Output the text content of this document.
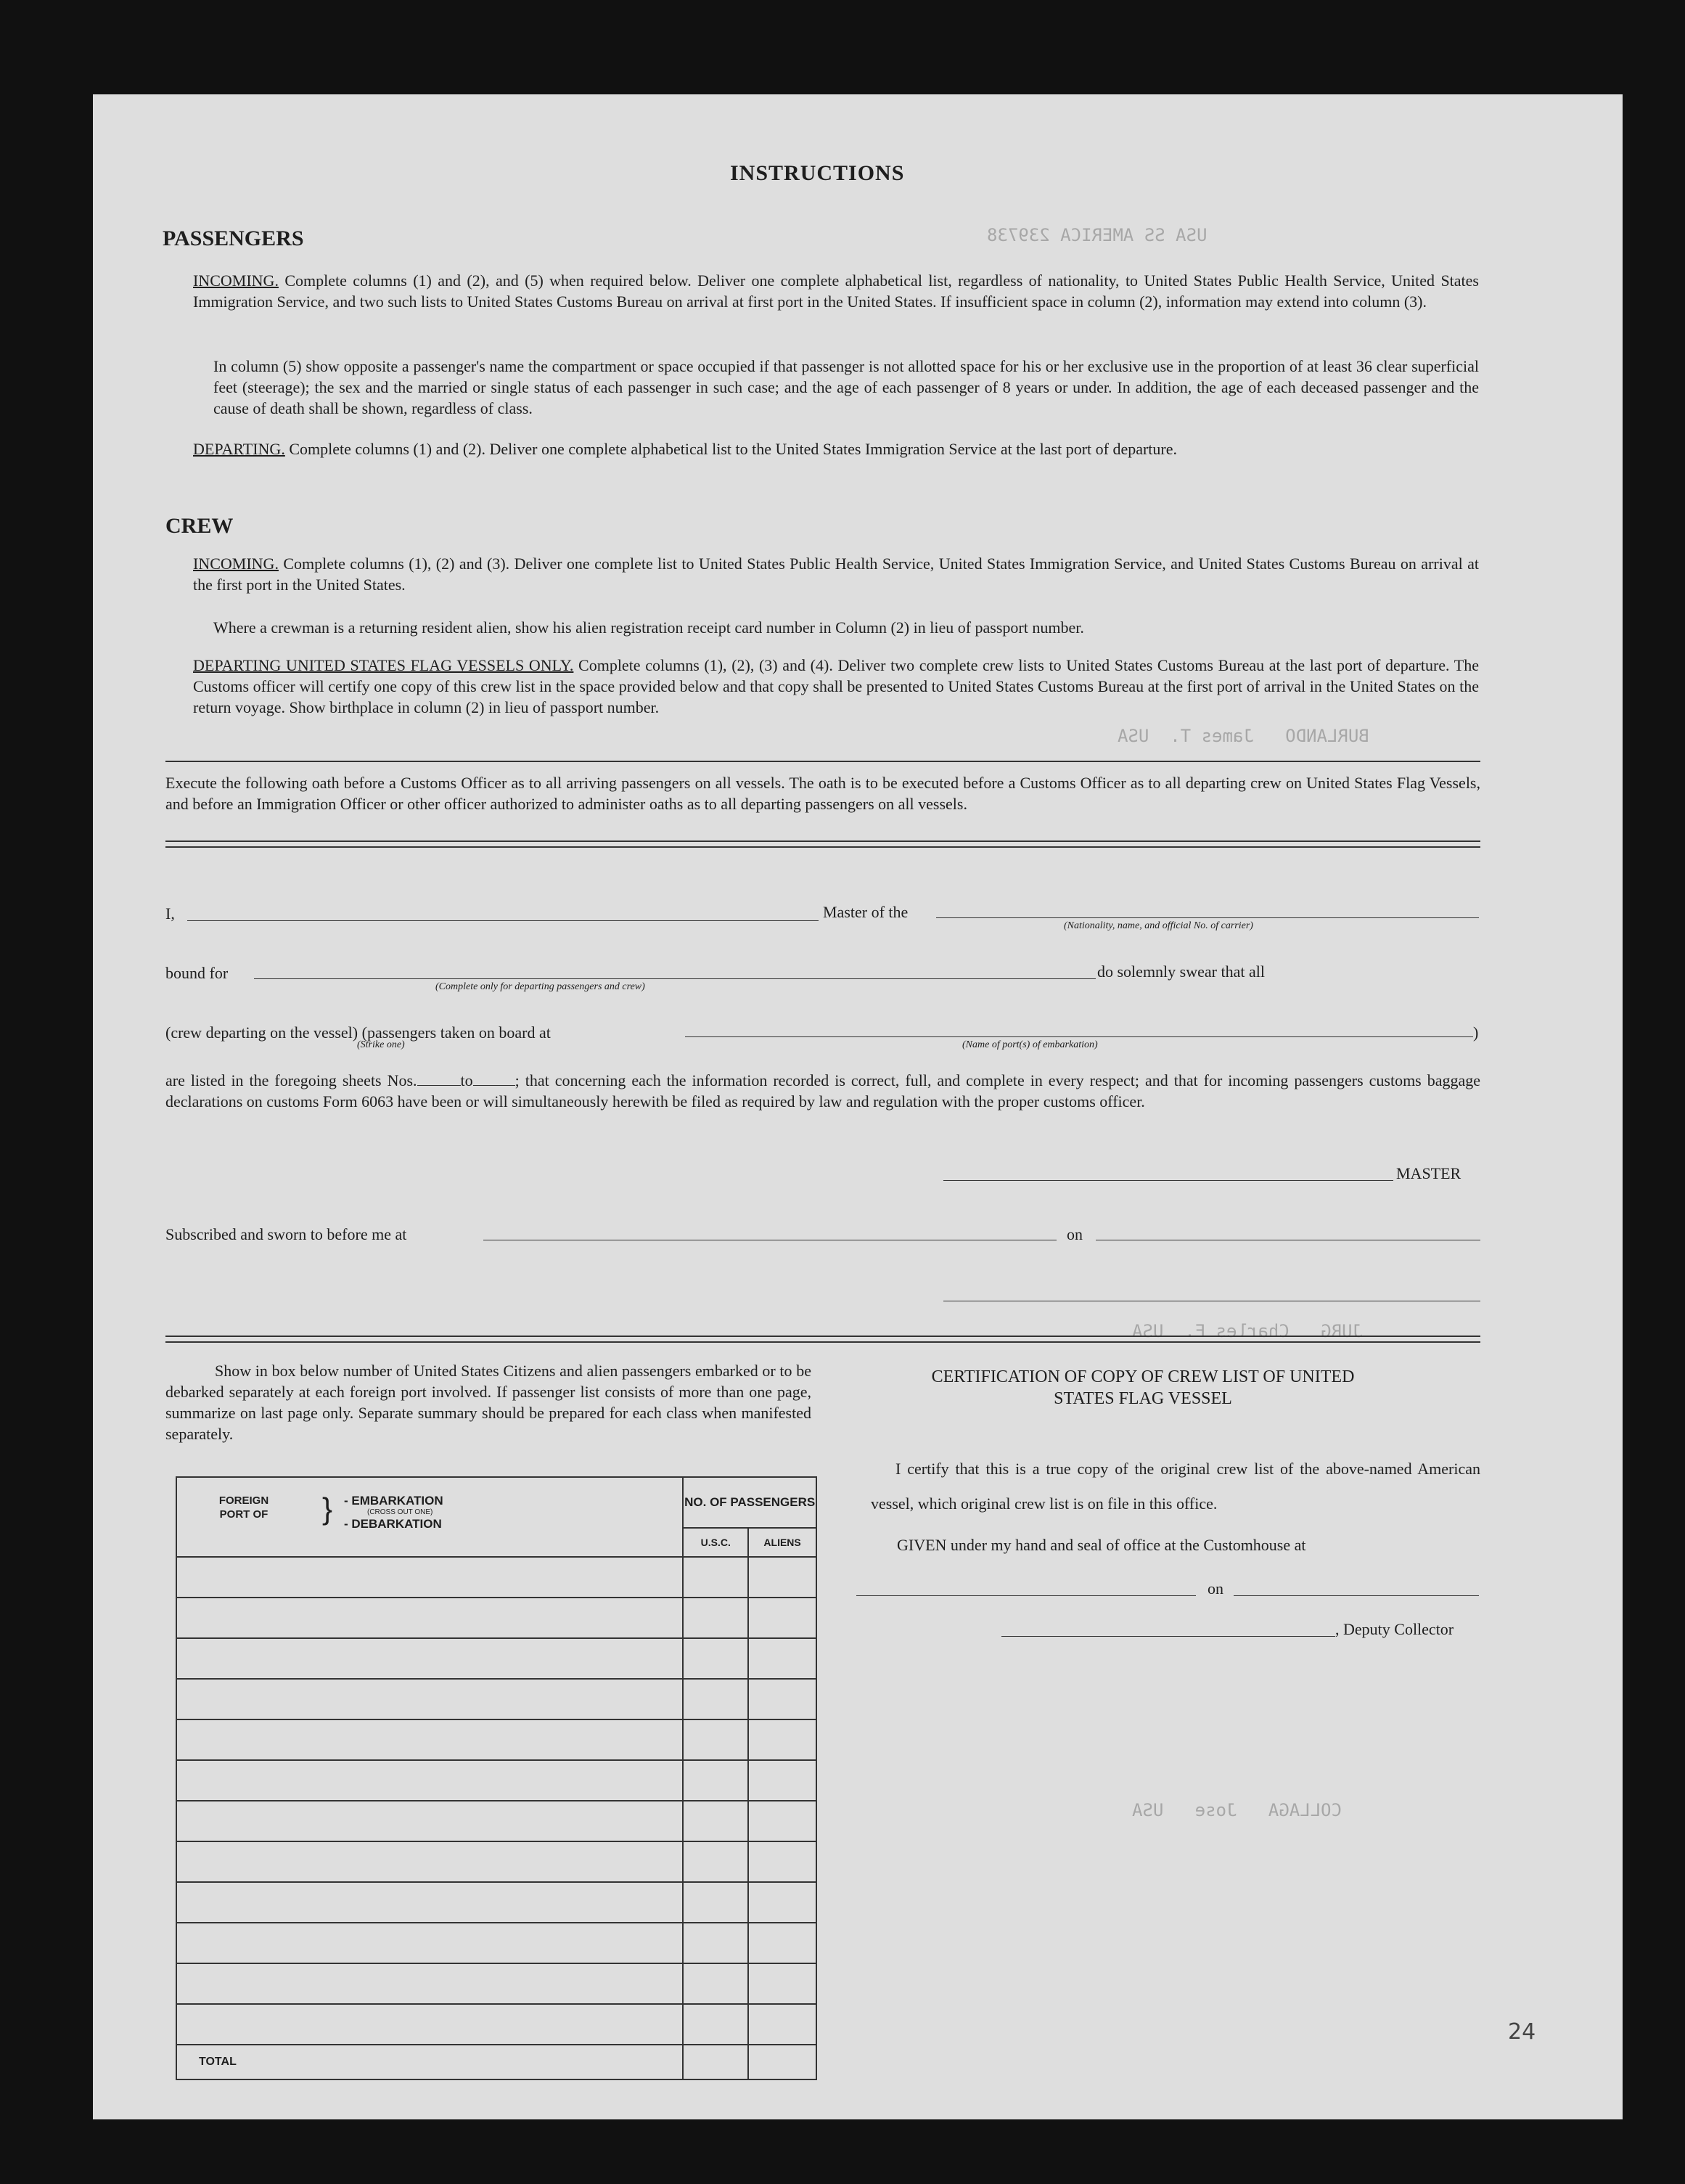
USA SS AMERICA 239738
BURLANDO   James T.  USA
JURG   Charles E.  USA
COLLAGA   Jose   USA
INSTRUCTIONS
PASSENGERS
INCOMING. Complete columns (1) and (2), and (5) when required below. Deliver one complete alphabetical list, regardless of nationality, to United States Public Health Service, United States Immigration Service, and two such lists to United States Customs Bureau on arrival at first port in the United States. If insufficient space in column (2), information may extend into column (3).
In column (5) show opposite a passenger's name the compartment or space occupied if that passenger is not allotted space for his or her exclusive use in the proportion of at least 36 clear superficial feet (steerage); the sex and the married or single status of each passenger in such case; and the age of each passenger of 8 years or under. In addition, the age of each deceased passenger and the cause of death shall be shown, regardless of class.
DEPARTING. Complete columns (1) and (2). Deliver one complete alphabetical list to the United States Immigration Service at the last port of departure.
CREW
INCOMING. Complete columns (1), (2) and (3). Deliver one complete list to United States Public Health Service, United States Immigration Service, and United States Customs Bureau on arrival at the first port in the United States.
Where a crewman is a returning resident alien, show his alien registration receipt card number in Column (2) in lieu of passport number.
DEPARTING UNITED STATES FLAG VESSELS ONLY. Complete columns (1), (2), (3) and (4). Deliver two complete crew lists to United States Customs Bureau at the last port of departure. The Customs officer will certify one copy of this crew list in the space provided below and that copy shall be presented to United States Customs Bureau at the first port of arrival in the United States on the return voyage. Show birthplace in column (2) in lieu of passport number.
Execute the following oath before a Customs Officer as to all arriving passengers on all vessels. The oath is to be executed before a Customs Officer as to all departing crew on United States Flag Vessels, and before an Immigration Officer or other officer authorized to administer oaths as to all departing passengers on all vessels.
I,	Master of the
(Nationality, name, and official No. of carrier)
bound for
(Complete only for departing passengers and crew)
do solemnly swear that all
(crew departing on the vessel) (passengers taken on board at	)
(Strike one)	(Name of port(s) of embarkation)
are listed in the foregoing sheets Nos.	to	; that concerning each the information recorded is correct, full, and complete in every respect; and that for incoming passengers customs baggage declarations on customs Form 6063 have been or will simultaneously herewith be filed as required by law and regulation with the proper customs officer.
MASTER
Subscribed and sworn to before me at	on
Show in box below number of United States Citizens and alien passengers embarked or to be debarked separately at each foreign port involved. If passenger list consists of more than one page, summarize on last page only. Separate summary should be prepared for each class when manifested separately.
FOREIGN PORT OF } - EMBARKATION
(CROSS OUT ONE)
- DEBARKATION	NO. OF PASSENGERS	
	U.S.C.	ALIENS

TOTAL		
CERTIFICATION OF COPY OF CREW LIST OF UNITED STATES FLAG VESSEL
I certify that this is a true copy of the original crew list of the above-named American vessel, which original crew list is on file in this office.
GIVEN under my hand and seal of office at the Customhouse at
on
, Deputy Collector
24
